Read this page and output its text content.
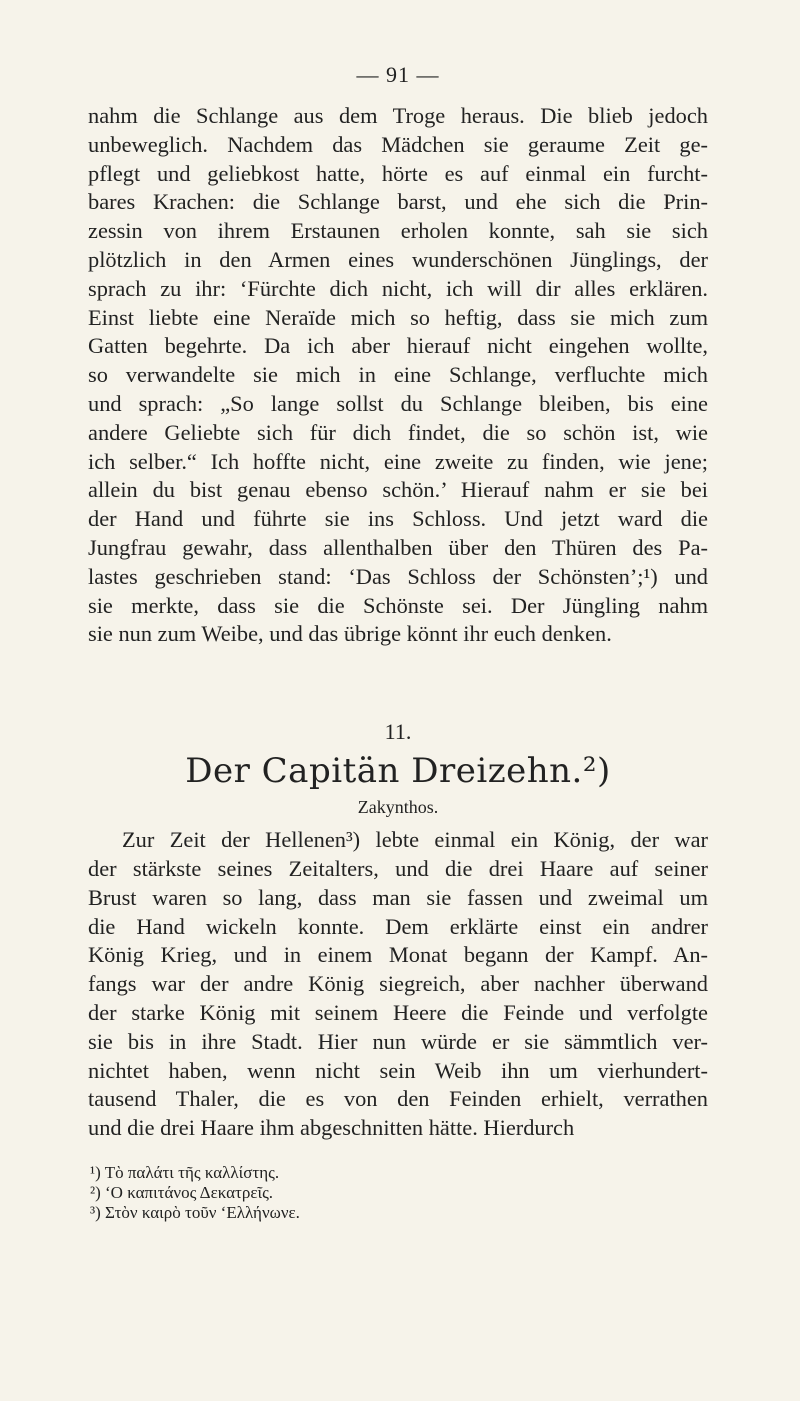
— 91 —

nahm die Schlange aus dem Troge heraus. Die blieb jedoch
unbeweglich. Nachdem das Mädchen sie geraume Zeit ge-
pflegt und geliebkost hatte, hörte es auf einmal ein furcht-
bares Krachen: die Schlange barst, und ehe sich die Prin-
zessin von ihrem Erstaunen erholen konnte, sah sie sich
plötzlich in den Armen eines wunderschönen Jünglings, der
sprach zu ihr: ‘Fürchte dich nicht, ich will dir alles erklären.
Einst liebte eine Neraïde mich so heftig, dass sie mich zum
Gatten begehrte. Da ich aber hierauf nicht eingehen wollte,
so verwandelte sie mich in eine Schlange, verfluchte mich
und sprach: „So lange sollst du Schlange bleiben, bis eine
andere Geliebte sich für dich findet, die so schön ist, wie
ich selber.“ Ich hoffte nicht, eine zweite zu finden, wie jene;
allein du bist genau ebenso schön.’ Hierauf nahm er sie bei
der Hand und führte sie ins Schloss. Und jetzt ward die
Jungfrau gewahr, dass allenthalben über den Thüren des Pa-
lastes geschrieben stand: ‘Das Schloss der Schönsten’;¹) und
sie merkte, dass sie die Schönste sei. Der Jüngling nahm
sie nun zum Weibe, und das übrige könnt ihr euch denken.

11.
Der Capitän Dreizehn.²)
Zakynthos.

Zur Zeit der Hellenen³) lebte einmal ein König, der war
der stärkste seines Zeitalters, und die drei Haare auf seiner
Brust waren so lang, dass man sie fassen und zweimal um
die Hand wickeln konnte. Dem erklärte einst ein andrer
König Krieg, und in einem Monat begann der Kampf. An-
fangs war der andre König siegreich, aber nachher überwand
der starke König mit seinem Heere die Feinde und verfolgte
sie bis in ihre Stadt. Hier nun würde er sie sämmtlich ver-
nichtet haben, wenn nicht sein Weib ihn um vierhundert-
tausend Thaler, die es von den Feinden erhielt, verrathen
und die drei Haare ihm abgeschnitten hätte. Hierdurch

¹) Τὸ παλάτι τῆς καλλίστης.
²) ‘Ο καπιτάνος Δεκατρεῖς.
³) Στὸν καιρὸ τοῦν ‘Ελλήνωνε.
